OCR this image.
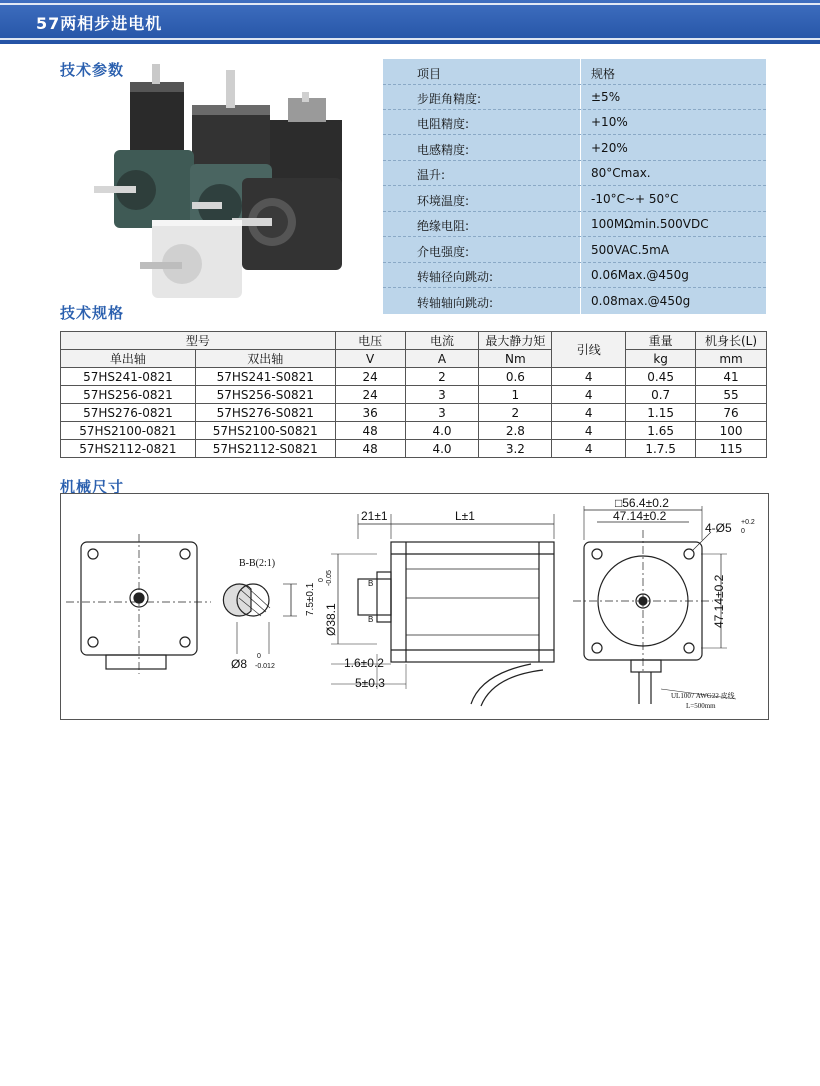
57两相步进电机
技术参数	项目	规格
步距角精度:	±5%
电阻精度:	+10%
电感精度:	+20%
温升:	80°Cmax.
环境温度:	-10°C~+ 50°C
绝缘电阻:	100MΩmin.500VDC
介电强度:	500VAC.5mA
转轴径向跳动:	0.06Max.@450g
转轴轴向跳动:	0.08max.@450g
技术规格
型号		电压	电流	最大静力矩	引线	重量	机身长(L)
单出轴	双出轴	V	A	Nm		kg	mm
57HS241-0821	57HS241-S0821	24	2	0.6	4	0.45	41
57HS256-0821	57HS256-S0821	24	3	1	4	0.7	55
57HS276-0821	57HS276-S0821	36	3	2	4	1.15	76
57HS2100-0821	57HS2100-S0821	48	4.0	2.8	4	1.65	100
57HS2112-0821	57HS2112-S0821	48	4.0	3.2	4	1.7.5	115
机械尺寸
B-B(2:1)
7.5±0.1
Ø8
0
-0.012
Ø38.1
0 -0.05	B
B
21±1	L±1
1.6±0.2
5±0.3
□56.4±0.2
47.14±0.2
47.14±0.2
4-Ø5 +0.2
0
UL1007 AWG22 皮线
L=500mm
